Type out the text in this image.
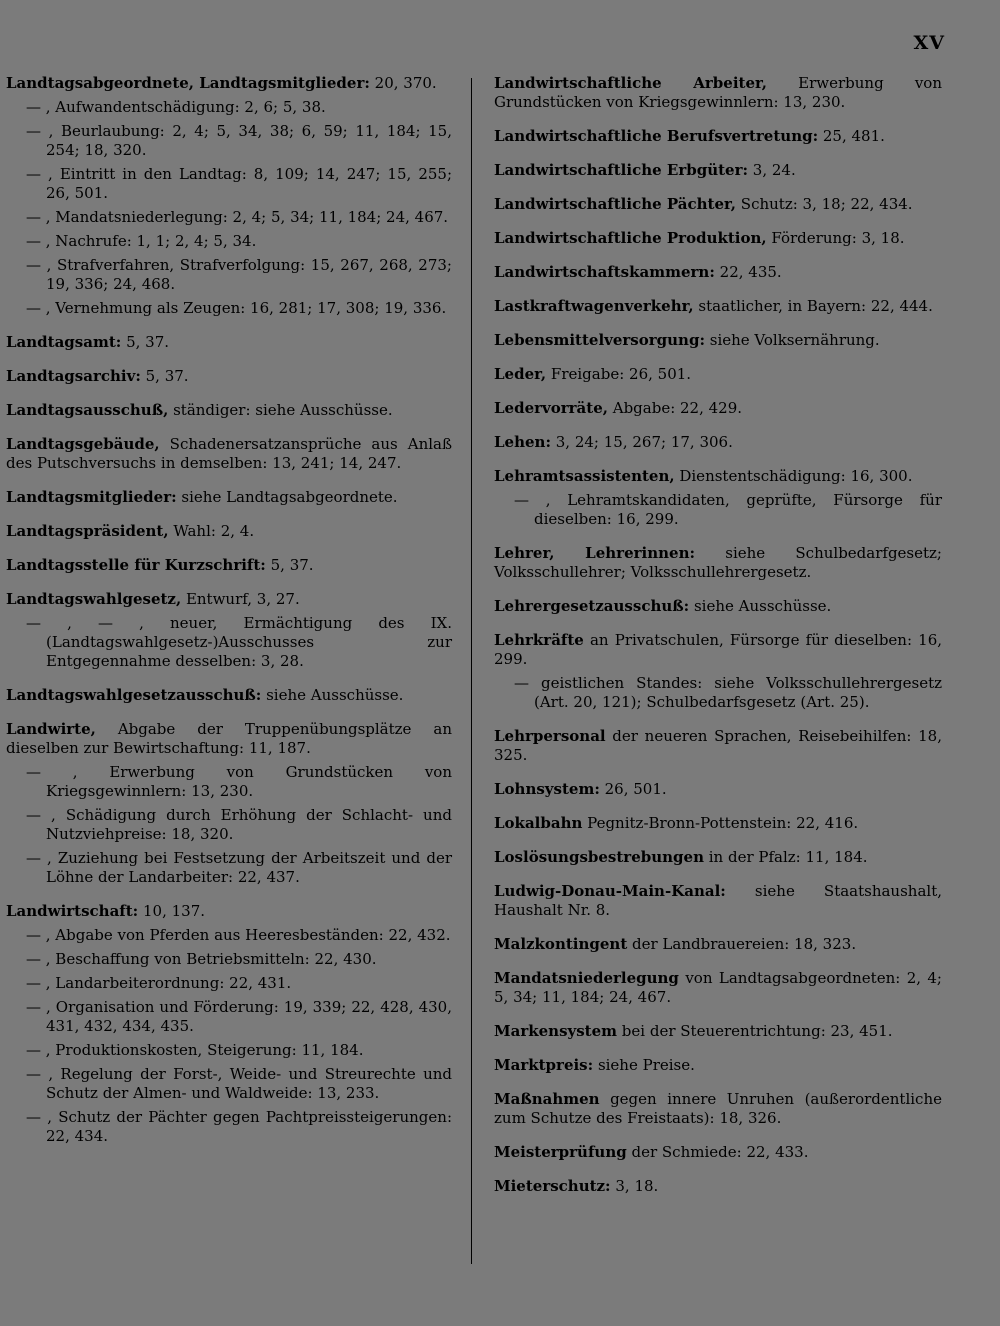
XV
Landtagsabgeordnete, Landtagsmitglieder: 20, 370.
— , Aufwandentschädigung: 2, 6; 5, 38.
— , Beurlaubung: 2, 4; 5, 34, 38; 6, 59; 11, 184; 15, 254; 18, 320.
— , Eintritt in den Landtag: 8, 109; 14, 247; 15, 255; 26, 501.
— , Mandatsniederlegung: 2, 4; 5, 34; 11, 184; 24, 467.
— , Nachrufe: 1, 1; 2, 4; 5, 34.
— , Strafverfahren, Strafverfolgung: 15, 267, 268, 273; 19, 336; 24, 468.
— , Vernehmung als Zeugen: 16, 281; 17, 308; 19, 336.
Landtagsamt: 5, 37.
Landtagsarchiv: 5, 37.
Landtagsausschuß, ständiger: siehe Ausschüsse.
Landtagsgebäude, Schadenersatzansprüche aus Anlaß des Putschversuchs in demselben: 13, 241; 14, 247.
Landtagsmitglieder: siehe Landtagsabgeordnete.
Landtagspräsident, Wahl: 2, 4.
Landtagsstelle für Kurzschrift: 5, 37.
Landtagswahlgesetz, Entwurf, 3, 27.
— , — , neuer, Ermächtigung des IX. (Landtagswahlgesetz-)Ausschusses zur Entgegennahme desselben: 3, 28.
Landtagswahlgesetzausschuß: siehe Ausschüsse.
Landwirte, Abgabe der Truppenübungsplätze an dieselben zur Bewirtschaftung: 11, 187.
— , Erwerbung von Grundstücken von Kriegsgewinnlern: 13, 230.
— , Schädigung durch Erhöhung der Schlacht- und Nutzviehpreise: 18, 320.
— , Zuziehung bei Festsetzung der Arbeitszeit und der Löhne der Landarbeiter: 22, 437.
Landwirtschaft: 10, 137.
— , Abgabe von Pferden aus Heeresbeständen: 22, 432.
— , Beschaffung von Betriebsmitteln: 22, 430.
— , Landarbeiterordnung: 22, 431.
— , Organisation und Förderung: 19, 339; 22, 428, 430, 431, 432, 434, 435.
— , Produktionskosten, Steigerung: 11, 184.
— , Regelung der Forst-, Weide- und Streurechte und Schutz der Almen- und Waldweide: 13, 233.
— , Schutz der Pächter gegen Pachtpreissteigerungen: 22, 434.
Landwirtschaftliche Arbeiter, Erwerbung von Grundstücken von Kriegsgewinnlern: 13, 230.
Landwirtschaftliche Berufsvertretung: 25, 481.
Landwirtschaftliche Erbgüter: 3, 24.
Landwirtschaftliche Pächter, Schutz: 3, 18; 22, 434.
Landwirtschaftliche Produktion, Förderung: 3, 18.
Landwirtschaftskammern: 22, 435.
Lastkraftwagenverkehr, staatlicher, in Bayern: 22, 444.
Lebensmittelversorgung: siehe Volksernährung.
Leder, Freigabe: 26, 501.
Ledervorräte, Abgabe: 22, 429.
Lehen: 3, 24; 15, 267; 17, 306.
Lehramtsassistenten, Dienstentschädigung: 16, 300.
— , Lehramtskandidaten, geprüfte, Fürsorge für dieselben: 16, 299.
Lehrer, Lehrerinnen: siehe Schulbedarfgesetz; Volksschullehrer; Volksschullehrergesetz.
Lehrergesetzausschuß: siehe Ausschüsse.
Lehrkräfte an Privatschulen, Fürsorge für dieselben: 16, 299.
— geistlichen Standes: siehe Volksschullehrergesetz (Art. 20, 121); Schulbedarfsgesetz (Art. 25).
Lehrpersonal der neueren Sprachen, Reisebeihilfen: 18, 325.
Lohnsystem: 26, 501.
Lokalbahn Pegnitz-Bronn-Pottenstein: 22, 416.
Loslösungsbestrebungen in der Pfalz: 11, 184.
Ludwig-Donau-Main-Kanal: siehe Staatshaushalt, Haushalt Nr. 8.
Malzkontingent der Landbrauereien: 18, 323.
Mandatsniederlegung von Landtagsabgeordneten: 2, 4; 5, 34; 11, 184; 24, 467.
Markensystem bei der Steuerentrichtung: 23, 451.
Marktpreis: siehe Preise.
Maßnahmen gegen innere Unruhen (außerordentliche zum Schutze des Freistaats): 18, 326.
Meisterprüfung der Schmiede: 22, 433.
Mieterschutz: 3, 18.
